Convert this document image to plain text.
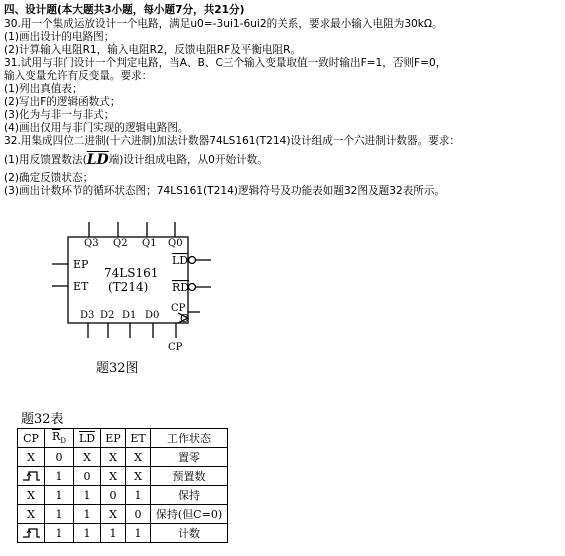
四、设计题(本大题共3小题，每小题7分，共21分)
30.用一个集成运放设计一个电路，满足u0=-3ui1-6ui2的关系，要求最小输入电阻为30kΩ。
(1)画出设计的电路图；
(2)计算输入电阻R1，输入电阻R2，反馈电阻RF及平衡电阻R。
31.试用与非门设计一个判定电路，当A、B、C三个输入变量取值一致时输出F=1，否则F=0，
输入变量允许有反变量。要求：
(1)列出真值表；
(2)写出F的逻辑函数式；
(3)化为与非一与非式；
(4)画出仅用与非门实现的逻辑电路图。
32.用集成四位二进制(十六进制)加法计数器74LS161(T214)设计组成一个六进制计数器。要求：
(1)用反馈置数法($\overline{LD}$端)设计组成电路，从0开始计数。
(2)确定反馈状态；
(3)画出计数环节的循环状态图；74LS161(T214)逻辑符号及功能表如题32图及题32表所示。
Q3 Q2 Q1 Q0
EP
ET
74LS161
(T214)
LD
RD
CP
C
D3 D2 D1 D0
CP
题32图
题32表
CP	$\overline{R}_D$	$\overline{LD}$	EP	ET	工作状态
X	0	X	X	X	置零
	1	0	X	X	预置数
X	1	1	0	1	保持
X	1	1	X	0	保持(但C=0)
	1	1	1	1	计数
